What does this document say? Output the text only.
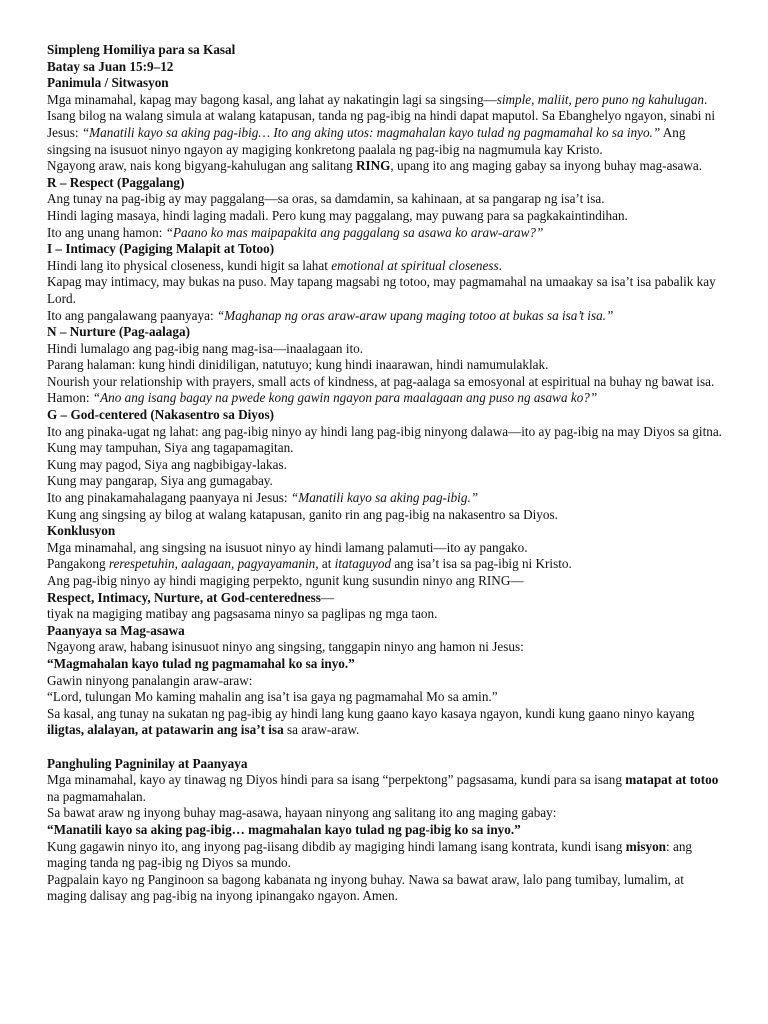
Simpleng Homiliya para sa Kasal

Batay sa Juan 15:9–12

Panimula / Sitwasyon

Mga minamahal, kapag may bagong kasal, ang lahat ay nakatingin lagi sa singsing—simple, maliit, pero puno ng kahulugan. Isang bilog na walang simula at walang katapusan, tanda ng pag-ibig na hindi dapat maputol. Sa Ebanghelyo ngayon, sinabi ni Jesus: “Manatili kayo sa aking pag-ibig… Ito ang aking utos: magmahalan kayo tulad ng pagmamahal ko sa inyo.” Ang singsing na isusuot ninyo ngayon ay magiging konkretong paalala ng pag-ibig na nagmumula kay Kristo.

Ngayong araw, nais kong bigyang-kahulugan ang salitang RING, upang ito ang maging gabay sa inyong buhay mag-asawa.

R – Respect (Paggalang)

Ang tunay na pag-ibig ay may paggalang—sa oras, sa damdamin, sa kahinaan, at sa pangarap ng isa’t isa.

Hindi laging masaya, hindi laging madali. Pero kung may paggalang, may puwang para sa pagkakaintindihan.

Ito ang unang hamon: “Paano ko mas maipapakita ang paggalang sa asawa ko araw-araw?”

I – Intimacy (Pagiging Malapit at Totoo)

Hindi lang ito physical closeness, kundi higit sa lahat emotional at spiritual closeness.

Kapag may intimacy, may bukas na puso. May tapang magsabi ng totoo, may pagmamahal na umaakay sa isa’t isa pabalik kay Lord.

Ito ang pangalawang paanyaya: “Maghanap ng oras araw-araw upang maging totoo at bukas sa isa’t isa.”

N – Nurture (Pag-aalaga)

Hindi lumalago ang pag-ibig nang mag-isa—inaalagaan ito.

Parang halaman: kung hindi dinidiligan, natutuyo; kung hindi inaarawan, hindi namumulaklak.

Nourish your relationship with prayers, small acts of kindness, at pag-aalaga sa emosyonal at espiritual na buhay ng bawat isa.

Hamon: “Ano ang isang bagay na pwede kong gawin ngayon para maalagaan ang puso ng asawa ko?”

G – God-centered (Nakasentro sa Diyos)

Ito ang pinaka-ugat ng lahat: ang pag-ibig ninyo ay hindi lang pag-ibig ninyong dalawa—ito ay pag-ibig na may Diyos sa gitna.

Kung may tampuhan, Siya ang tagapamagitan.

Kung may pagod, Siya ang nagbibigay-lakas.

Kung may pangarap, Siya ang gumagabay.

Ito ang pinakamahalagang paanyaya ni Jesus: “Manatili kayo sa aking pag-ibig.”

Kung ang singsing ay bilog at walang katapusan, ganito rin ang pag-ibig na nakasentro sa Diyos.

Konklusyon

Mga minamahal, ang singsing na isusuot ninyo ay hindi lamang palamuti—ito ay pangako.

Pangakong rerespetuhin, aalagaan, pagyayamanin, at itataguyod ang isa’t isa sa pag-ibig ni Kristo.

Ang pag-ibig ninyo ay hindi magiging perpekto, ngunit kung susundin ninyo ang RING—

Respect, Intimacy, Nurture, at God-centeredness—

tiyak na magiging matibay ang pagsasama ninyo sa paglipas ng mga taon.

Paanyaya sa Mag-asawa

Ngayong araw, habang isinusuot ninyo ang singsing, tanggapin ninyo ang hamon ni Jesus:

“Magmahalan kayo tulad ng pagmamahal ko sa inyo.”

Gawin ninyong panalangin araw-araw:

“Lord, tulungan Mo kaming mahalin ang isa’t isa gaya ng pagmamahal Mo sa amin.”

Sa kasal, ang tunay na sukatan ng pag-ibig ay hindi lang kung gaano kayo kasaya ngayon, kundi kung gaano ninyo kayang iligtas, alalayan, at patawarin ang isa’t isa sa araw-araw.

Panghuling Pagninilay at Paanyaya

Mga minamahal, kayo ay tinawag ng Diyos hindi para sa isang “perpektong” pagsasama, kundi para sa isang matapat at totoo na pagmamahalan.

Sa bawat araw ng inyong buhay mag-asawa, hayaan ninyong ang salitang ito ang maging gabay:

“Manatili kayo sa aking pag-ibig… magmahalan kayo tulad ng pag-ibig ko sa inyo.”

Kung gagawin ninyo ito, ang inyong pag-iisang dibdib ay magiging hindi lamang isang kontrata, kundi isang misyon: ang maging tanda ng pag-ibig ng Diyos sa mundo.

Pagpalain kayo ng Panginoon sa bagong kabanata ng inyong buhay. Nawa sa bawat araw, lalo pang tumibay, lumalim, at maging dalisay ang pag-ibig na inyong ipinangako ngayon. Amen.
